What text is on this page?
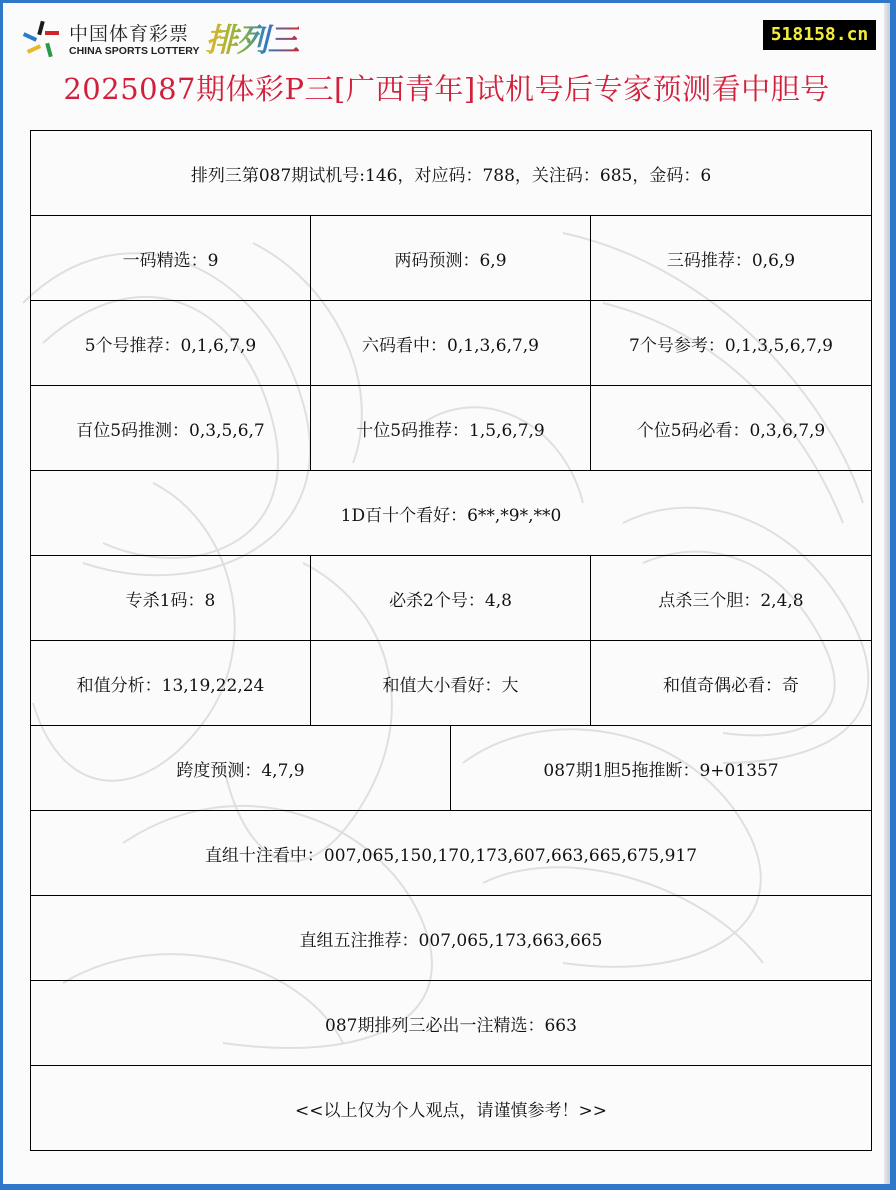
中国体育彩票
CHINA SPORTS LOTTERY 排列三	518158.cn
2025087期体彩P三[广西青年]试机号后专家预测看中胆号
排列三第087期试机号:146，对应码：788，关注码：685，金码：6
一码精选：9	两码预测：6,9	三码推荐：0,6,9
5个号推荐：0,1,6,7,9	六码看中：0,1,3,6,7,9	7个号参考：0,1,3,5,6,7,9
百位5码推测：0,3,5,6,7	十位5码推荐：1,5,6,7,9	个位5码必看：0,3,6,7,9
1D百十个看好：6**,*9*,**0
专杀1码：8	必杀2个号：4,8	点杀三个胆：2,4,8
和值分析：13,19,22,24	和值大小看好：大	和值奇偶必看：奇
跨度预测：4,7,9	087期1胆5拖推断：9+01357
直组十注看中：007,065,150,170,173,607,663,665,675,917
直组五注推荐：007,065,173,663,665
087期排列三必出一注精选：663
<<以上仅为个人观点，请谨慎参考！>>
